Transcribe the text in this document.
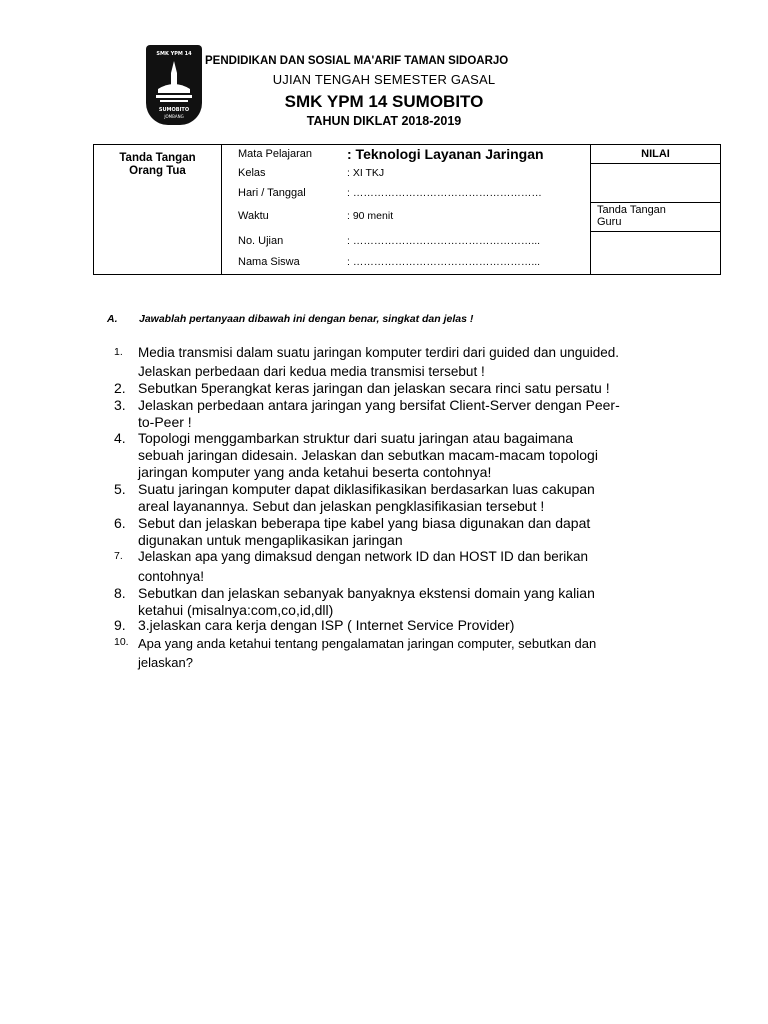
SMK YPM 14
SUMOBITO
JOMBANG
PENDIDIKAN DAN SOSIAL MA'ARIF TAMAN SIDOARJO
UJIAN TENGAH SEMESTER GASAL
SMK YPM 14 SUMOBITO
TAHUN DIKLAT 2018-2019
Tanda Tangan
Orang Tua
Mata Pelajaran	: Teknologi Layanan Jaringan
Kelas	: XI TKJ
Hari / Tanggal	: ………………………………………………
Waktu	: 90 menit
No. Ujian	: ……………………………………………...
Nama Siswa	: ……………………………………………...
NILAI
Tanda Tangan
Guru
A. Jawablah pertanyaan dibawah ini dengan benar, singkat dan jelas !
1.	Media transmisi dalam suatu jaringan komputer terdiri dari guided dan unguided.
Jelaskan perbedaan dari kedua media transmisi tersebut !
2. Sebutkan 5perangkat keras jaringan dan jelaskan secara rinci satu persatu !
3. Jelaskan perbedaan antara jaringan yang bersifat Client-Server dengan Peer-
to-Peer !
4. Topologi menggambarkan struktur dari suatu jaringan atau bagaimana
sebuah jaringan didesain. Jelaskan dan sebutkan macam-macam topologi
jaringan komputer yang anda ketahui beserta contohnya!
5. Suatu jaringan komputer dapat diklasifikasikan berdasarkan luas cakupan
areal layanannya. Sebut dan jelaskan pengklasifikasian tersebut !
6. Sebut dan jelaskan beberapa tipe kabel yang biasa digunakan dan dapat
digunakan untuk mengaplikasikan jaringan
7.	Jelaskan apa yang dimaksud dengan network ID dan HOST ID dan berikan
contohnya!
8. Sebutkan dan jelaskan sebanyak banyaknya ekstensi domain yang kalian
ketahui (misalnya:com,co,id,dll)
9. 3.jelaskan cara kerja dengan ISP ( Internet Service Provider)
10. Apa yang anda ketahui tentang pengalamatan jaringan computer, sebutkan dan
jelaskan?
